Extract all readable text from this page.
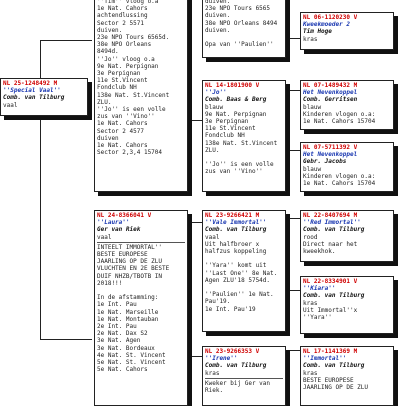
''Tim'' vloog o.a
1e Nat. Cahors
achtendlussing
Sector 2 5571
duiven.
23e NPO Tours 6565d.
38e NPO Orleans
8494d.
''Jo'' vloog o.a
9e Nat. Perpignan
3e Perpignan
11e St.Vincent
Fondclub NH
138e Nat. St.Vincent
ZLU.
''Jo'' is een volle
zus van ''Vino''
1e Nat. Cahors
Sector 2 4577
duiven
1e Nat. Cahors
Sector 2,3,4 15704
duiven.
23e NPO Tours 6565
duiven.
38e NPO Orleans 8494
duiven.

Opa van ''Paulien''
NL 06-1120230 V
Kweekmoeder 2
Tim Hoge
kras
NL 25-1248492 M
''Special Vaal''
Comb. van Tilburg
vaal
NL 14-1801900 V
''Jo''
Comb. Baas & Berg
blauw
9e Nat. Perpignan
3e Perpignan
11e St.Vincent
Fondclub NH
138e Nat. St.Vincent
ZLU.

''Jo'' is een volle
zus van ''Vino''
NL 07-1489432 M
Het Nevenkoppel
Comb. Gerritsen
blauw
Kinderen vlogen o.a:
1e Nat. Cahors 15704
NL 07-5711392 V
Het Nevenkoppel
Gebr. Jacobs
blauw
Kinderen vlogen o.a:
1e Nat. Cahors 15704
NL 24-8366041 V
''Laura''
Ger van Riek
vaal
INTEELT IMMORTAL''
BESTE EUROPESE
JAARLING OP DE ZLU
VLUCHTEN EN 2E BESTE
DUIF NHZB/TBOTB IN
2018!!!

In de afstamming:
1e Int. Pau
1e Nat. Marseille
1e Nat. Montauban
2e Int. Pau
2e Nat. Dax S2
3e Nat. Agen
3e Nat. Bordeaux
4e Nat. St. Vincent
5e Nat. St. Vincent
5e Nat. Cahors
NL 23-9266421 M
''Vale Immortal''
Comb. van Tilburg
vaal
Uit halfbroer x
halfzus koppeling

''Yara'' komt uit
''Last One'' 8e Nat.
Agen ZLU'18 5754d.

''Paulien'' 1e Nat.
Pau'19.
1e Int. Pau'19
NL 23-9266353 V
''Irene''
Comb. van Tilburg
kras
Kweker bij Ger van
Riek.
NL 22-8407694 M
''Red Immortal''
Comb. van Tilburg
rood
Direct naar het
kweekhok.
NL 22-8334901 V
''Kiara''
Comb. van Tilburg
kras
Uit Immortal''x
''Yara''
NL 17-1141369 M
''Immortal''
Comb. van Tilburg
kras
BESTE EUROPESE
JAARLING OP DE ZLU
